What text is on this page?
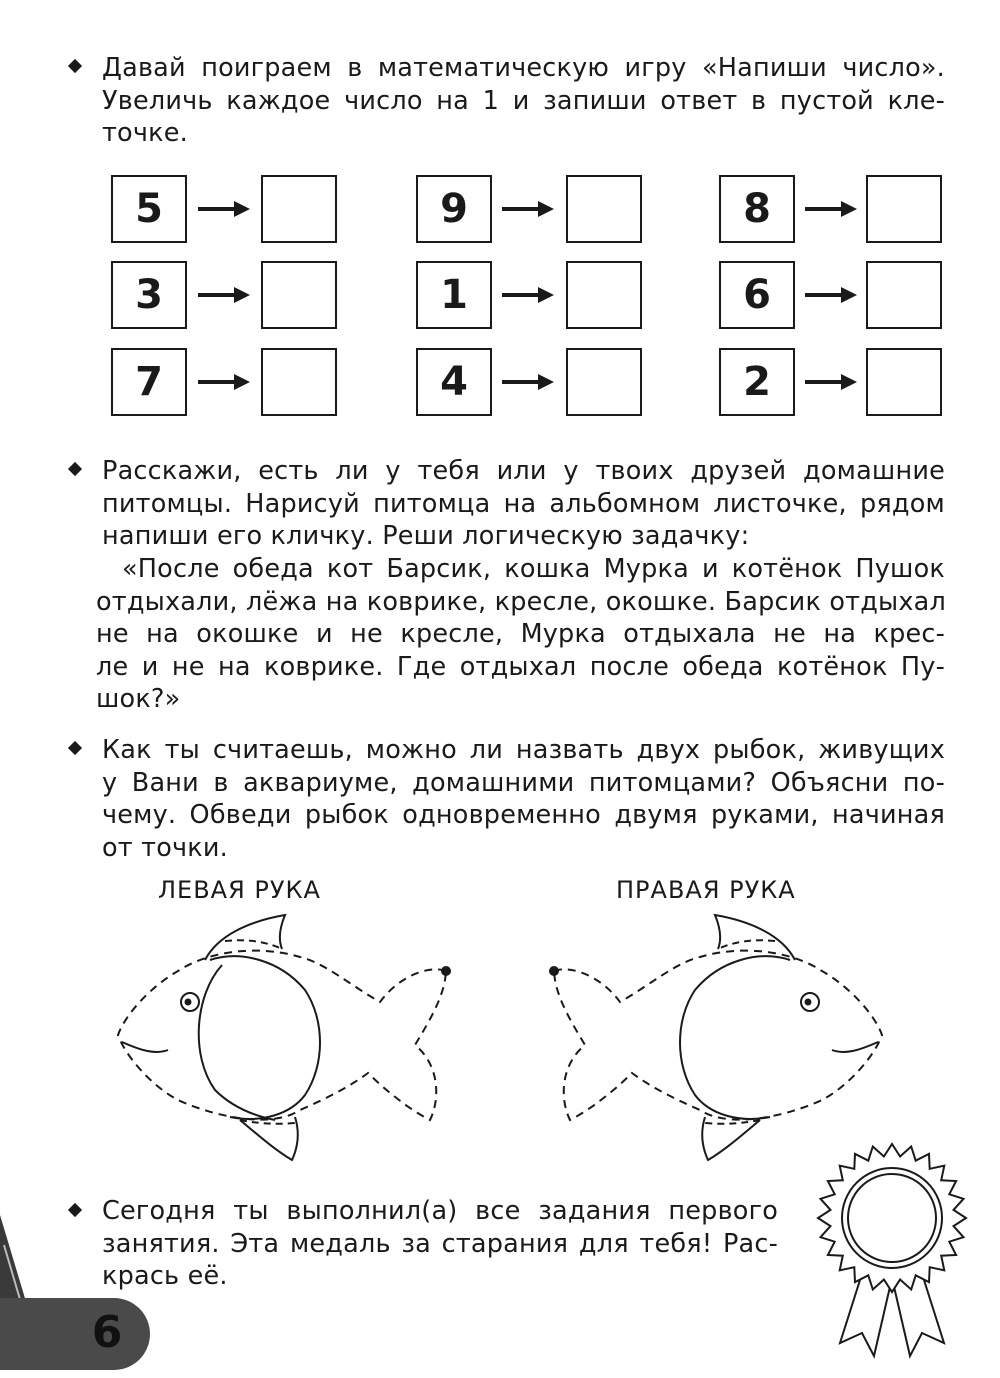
Давай поиграем в математическую игру «Напиши число».
Увеличь каждое число на 1 и запиши ответ в пустой кле-
точке.
5
3
7
9
1
4
8
6
2
Расскажи, есть ли у тебя или у твоих друзей домашние
питомцы. Нарисуй питомца на альбомном листочке, рядом
напиши его кличку. Реши логическую задачку:
«После обеда кот Барсик, кошка Мурка и котёнок Пушок
отдыхали, лёжа на коврике, кресле, окошке. Барсик отдыхал
не на окошке и не кресле, Мурка отдыхала не на крес-
ле и не на коврике. Где отдыхал после обеда котёнок Пу-
шок?»
Как ты считаешь, можно ли назвать двух рыбок, живущих
у Вани в аквариуме, домашними питомцами? Объясни по-
чему. Обведи рыбок одновременно двумя руками, начиная
от точки.
ЛЕВАЯ РУКА	ПРАВАЯ РУКА
Сегодня ты выполнил(а) все задания первого
занятия. Эта медаль за старания для тебя! Рас-
крась её.
6
